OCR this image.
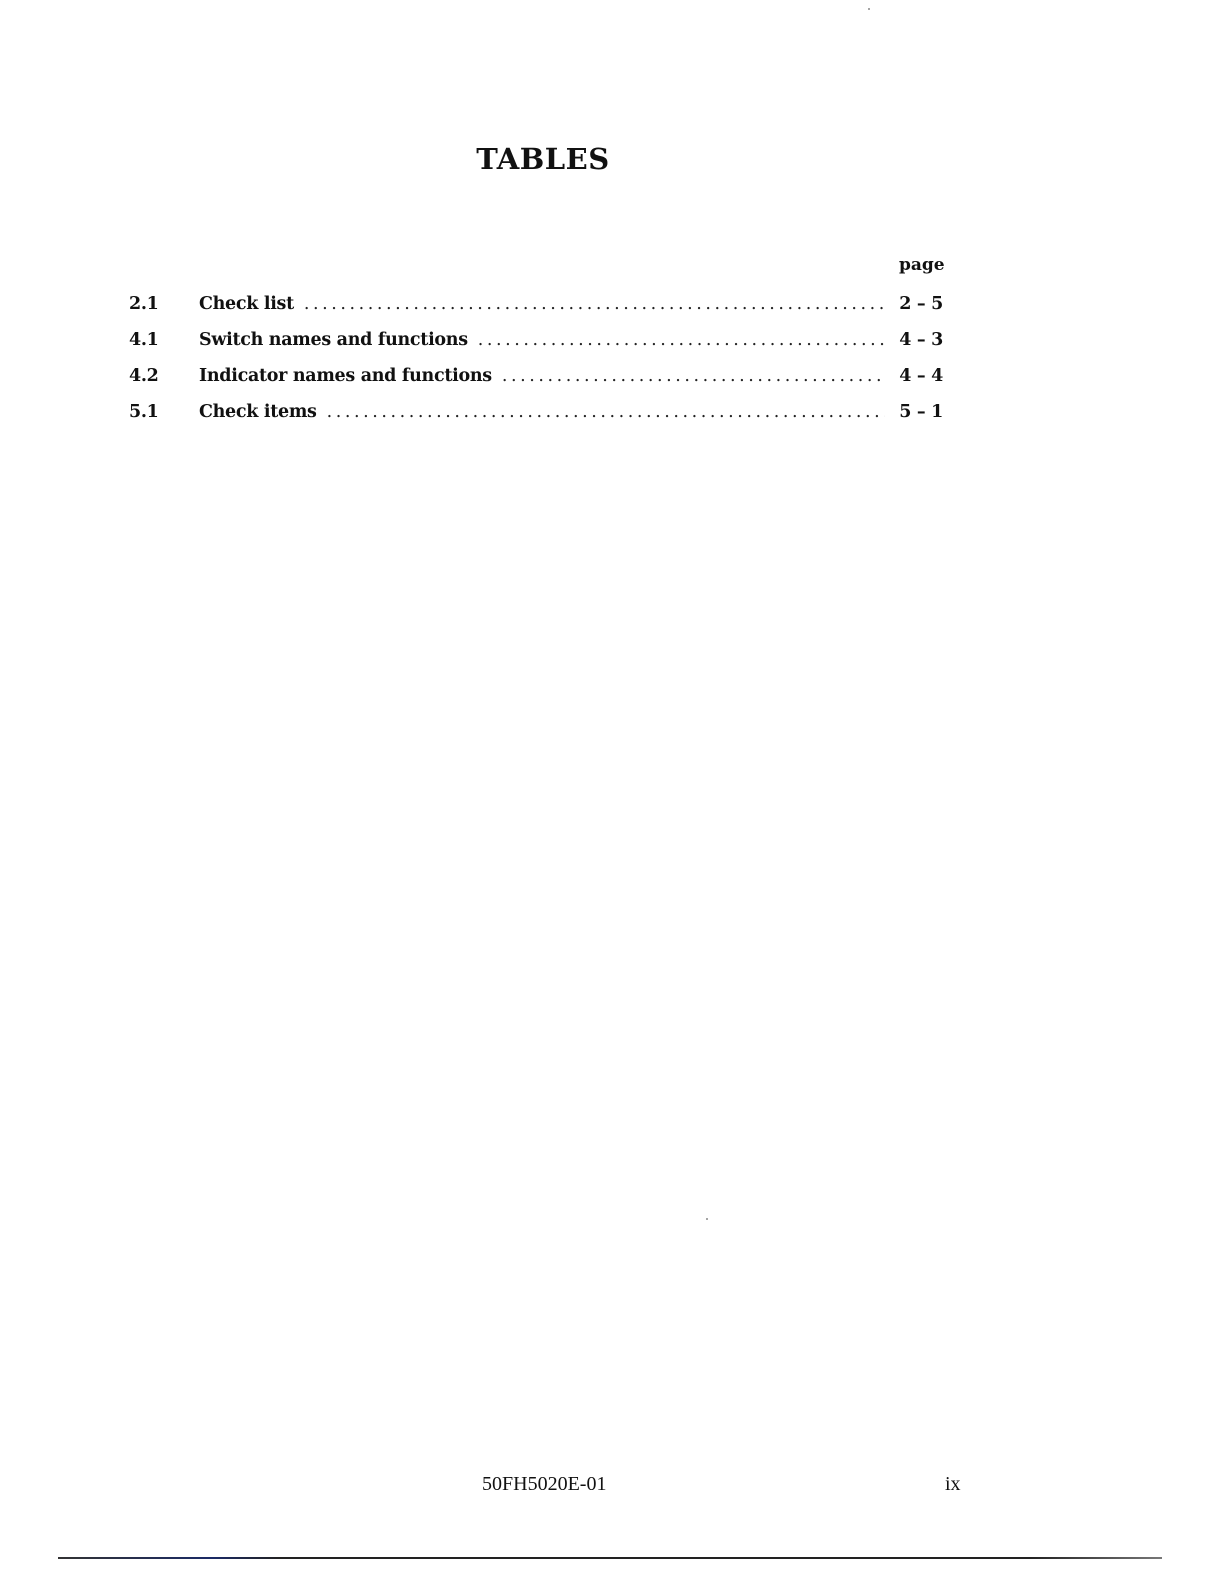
TABLES
page
2.1	Check list . . .	2 – 5
4.1	Switch names and functions . . .	4 – 3
4.2	Indicator names and functions . . .	4 – 4
5.1	Check items . . .	5 – 1
50FH5020E-01	ix
